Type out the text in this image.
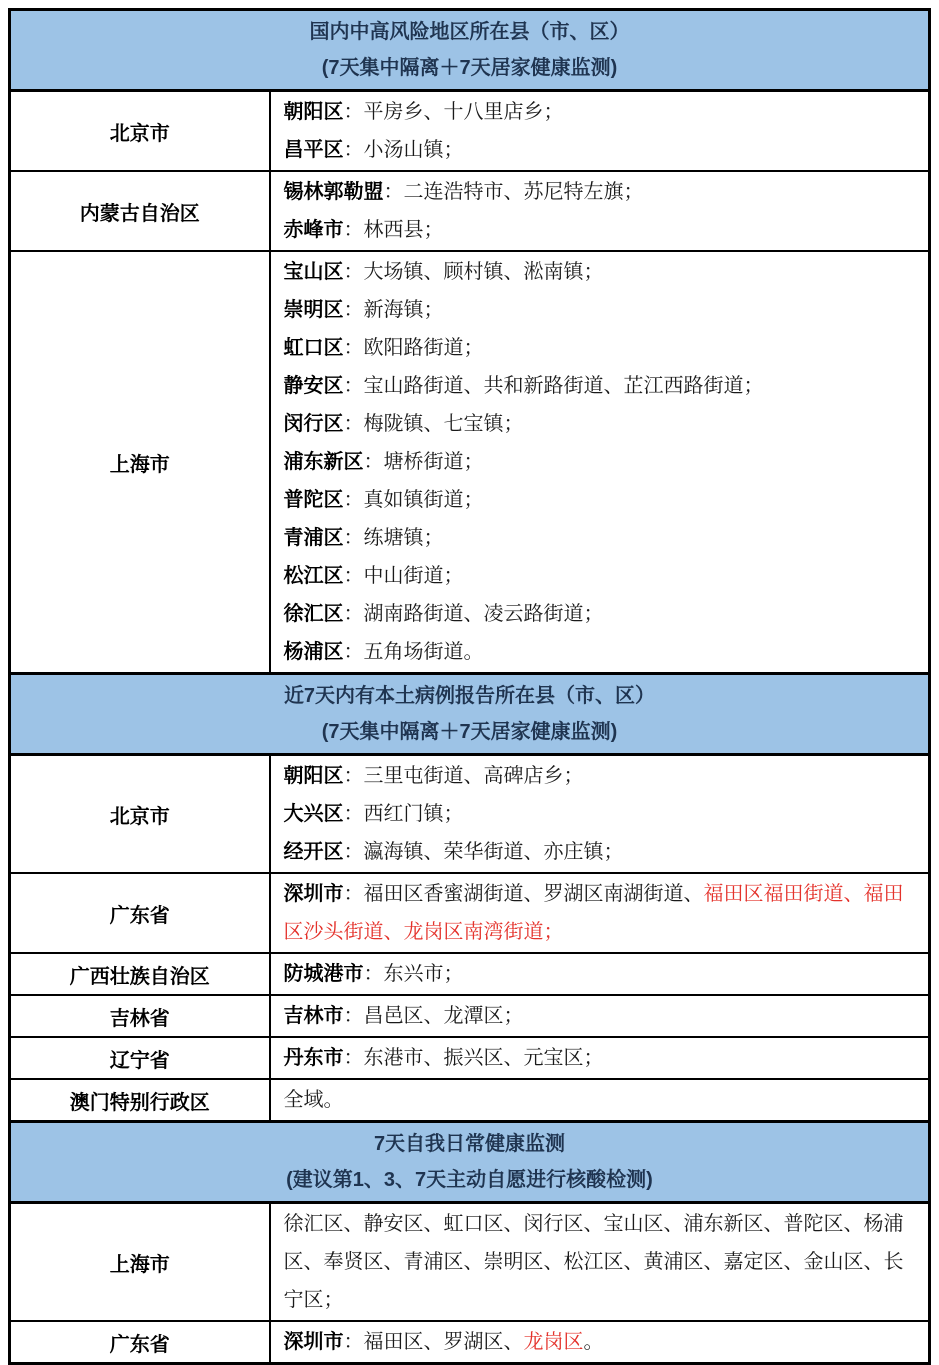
国内中高风险地区所在县（市、区）
(7天集中隔离＋7天居家健康监测)	

北京市	朝阳区：平房乡、十八里店乡；
昌平区：小汤山镇；

内蒙古自治区	锡林郭勒盟：二连浩特市、苏尼特左旗；
赤峰市：林西县；

上海市	
宝山区：大场镇、顾村镇、淞南镇；
崇明区：新海镇；
虹口区：欧阳路街道；
静安区：宝山路街道、共和新路街道、芷江西路街道；
闵行区：梅陇镇、七宝镇；
浦东新区：塘桥街道；
普陀区：真如镇街道；
青浦区：练塘镇；
松江区：中山街道；
徐汇区：湖南路街道、凌云路街道；
杨浦区：五角场街道。

近7天内有本土病例报告所在县（市、区）
(7天集中隔离＋7天居家健康监测)	

北京市	朝阳区：三里屯街道、高碑店乡；
大兴区：西红门镇；
经开区：瀛海镇、荣华街道、亦庄镇；

广东省	深圳市：福田区香蜜湖街道、罗湖区南湖街道、福田区福田街道、福田区沙头街道、龙岗区南湾街道；

广西壮族自治区	防城港市：东兴市；

吉林省	吉林市：昌邑区、龙潭区；

辽宁省	丹东市：东港市、振兴区、元宝区；

澳门特别行政区	全域。

7天自我日常健康监测
(建议第1、3、7天主动自愿进行核酸检测)	

上海市	徐汇区、静安区、虹口区、闵行区、宝山区、浦东新区、普陀区、杨浦区、奉贤区、青浦区、崇明区、松江区、黄浦区、嘉定区、金山区、长宁区；

广东省	深圳市：福田区、罗湖区、龙岗区。
